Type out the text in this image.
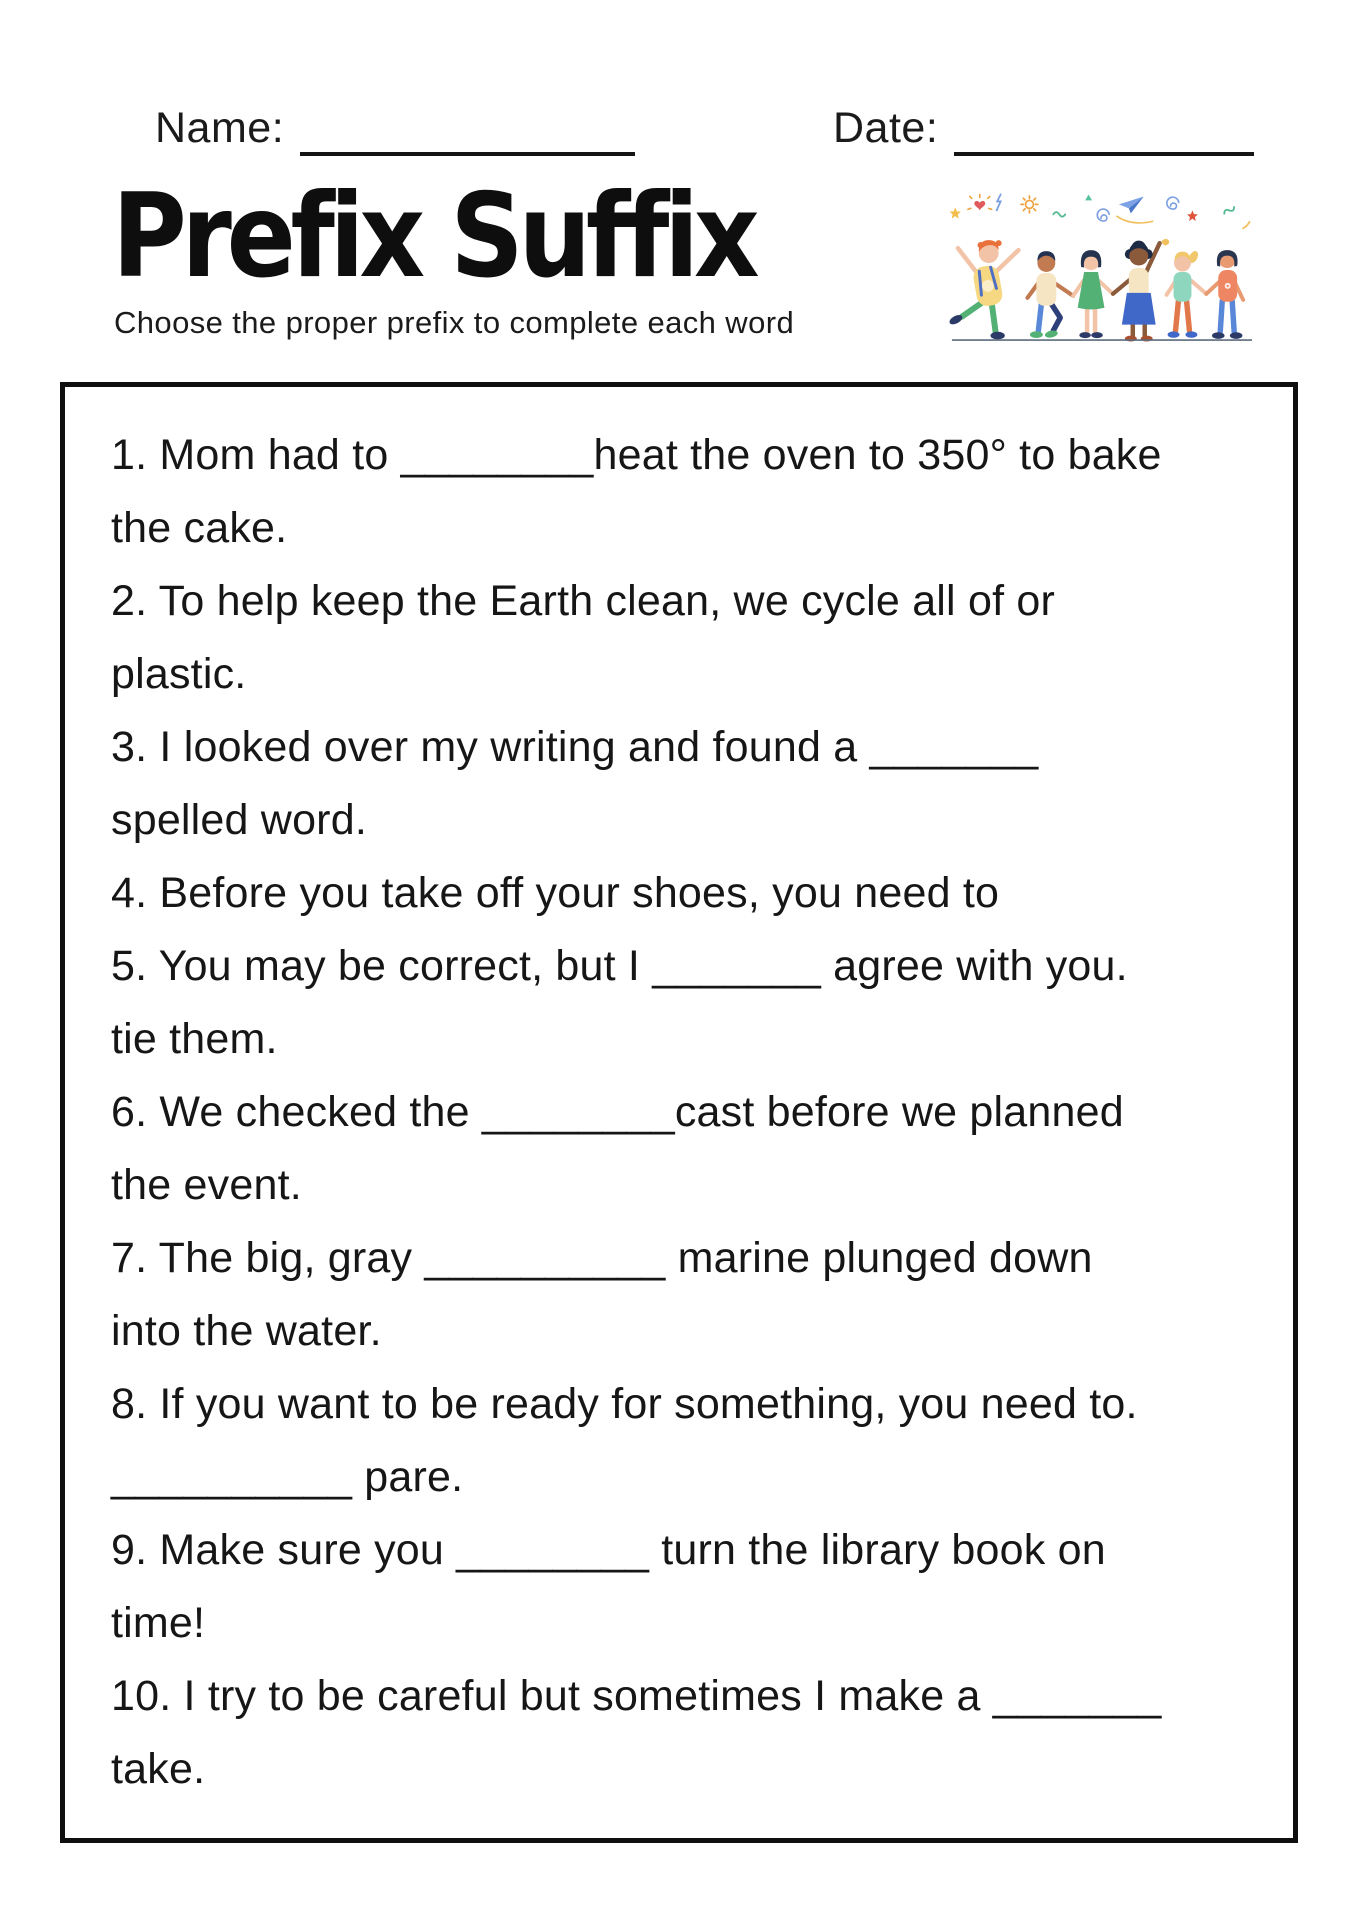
Name:	Date:
Prefix Suffix

Choose the proper prefix to complete each word

1. Mom had to ________heat the oven to 350° to bake
the cake.
2. To help keep the Earth clean, we cycle all of or
plastic.
3. I looked over my writing and found a _______
spelled word.
4. Before you take off your shoes, you need to
5. You may be correct, but I _______ agree with you.
tie them.
6. We checked the ________cast before we planned
the event.
7. The big, gray __________ marine plunged down
into the water.
8. If you want to be ready for something, you need to.
__________ pare.
9. Make sure you ________ turn the library book on
time!
10. I try to be careful but sometimes I make a _______
take.
